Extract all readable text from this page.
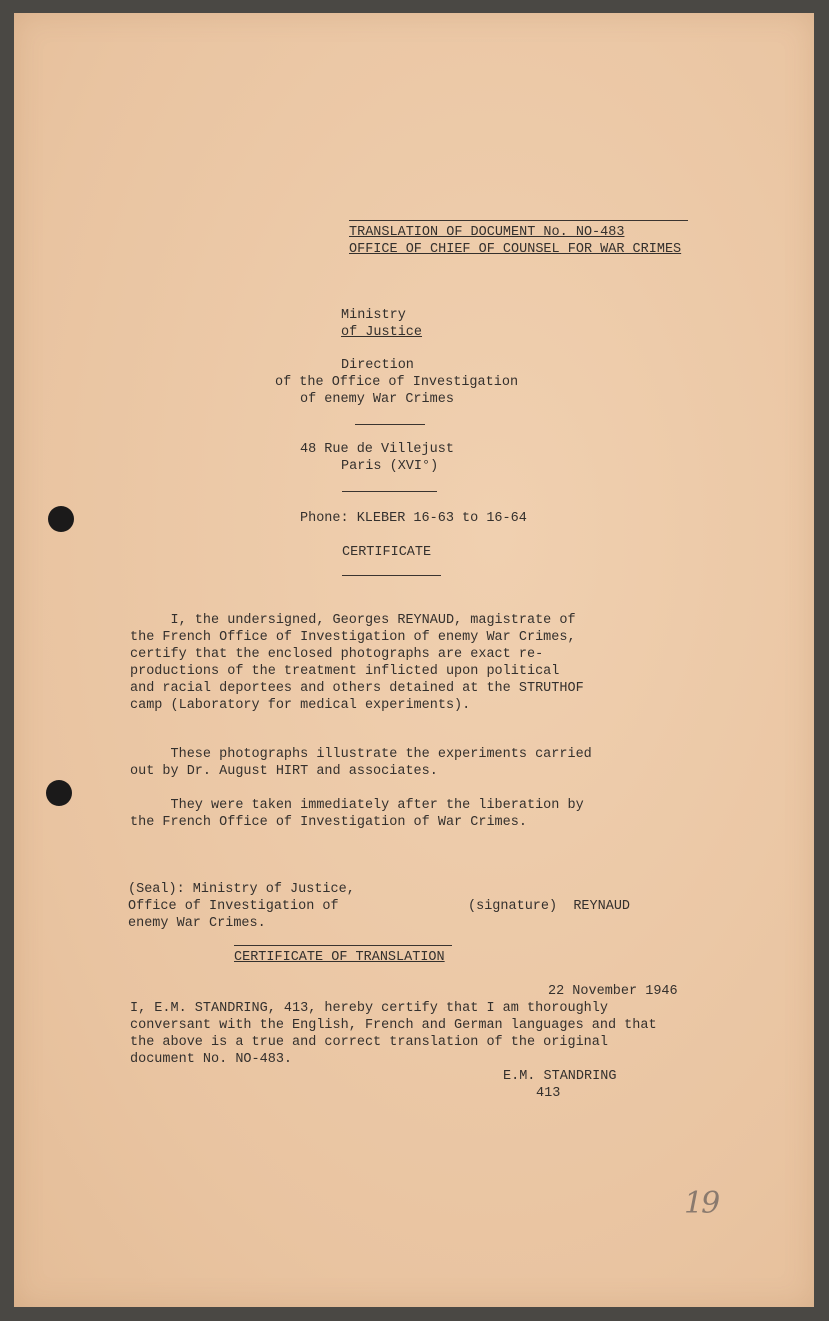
TRANSLATION OF DOCUMENT No. NO-483
OFFICE OF CHIEF OF COUNSEL FOR WAR CRIMES
Ministry
of Justice
Direction
of the Office of Investigation
of enemy War Crimes
48 Rue de Villejust
Paris (XVI°)
Phone: KLEBER 16-63 to 16-64
CERTIFICATE
I, the undersigned, Georges REYNAUD, magistrate of
the French Office of Investigation of enemy War Crimes,
certify that the enclosed photographs are exact re-
productions of the treatment inflicted upon political
and racial deportees and others detained at the STRUTHOF
camp (Laboratory for medical experiments).
These photographs illustrate the experiments carried
out by Dr. August HIRT and associates.
They were taken immediately after the liberation by
the French Office of Investigation of War Crimes.
(Seal): Ministry of Justice,
Office of Investigation of
enemy War Crimes.
(signature)  REYNAUD
CERTIFICATE OF TRANSLATION
22 November 1946
I, E.M. STANDRING, 413, hereby certify that I am thoroughly
conversant with the English, French and German languages and that
the above is a true and correct translation of the original
document No. NO-483.
E.M. STANDRING
413
19
